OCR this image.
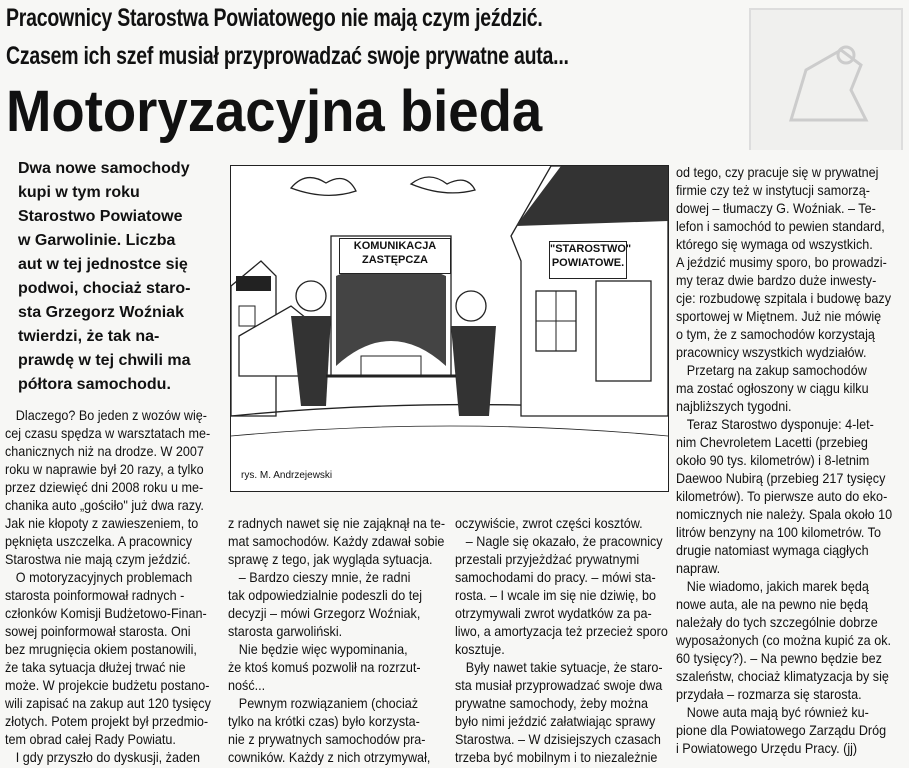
Pracownicy Starostwa Powiatowego nie mają czym jeździć.
Czasem ich szef musiał przyprowadzać swoje prywatne auta...
Motoryzacyjna bieda
Dwa nowe samochody
kupi w tym roku
Starostwo Powiatowe
w Garwolinie. Liczba
aut w tej jednostce się
podwoi, chociaż staro-
sta Grzegorz Woźniak
twierdzi, że tak na-
prawdę w tej chwili ma
półtora samochodu.
KOMUNIKACJA
ZASTĘPCZA
"STAROSTWO"
POWIATOWE.
rys. M. Andrzejewski
Dlaczego? Bo jeden z wozów wię-
cej czasu spędza w warsztatach me-
chanicznych niż na drodze. W 2007
roku w naprawie był 20 razy, a tylko
przez dziewięć dni 2008 roku u me-
chanika auto „gościło" już dwa razy.
Jak nie kłopoty z zawieszeniem, to
pęknięta uszczelka. A pracownicy
Starostwa nie mają czym jeździć.
O motoryzacyjnych problemach
starosta poinformował radnych -
członków Komisji Budżetowo-Finan-
sowej poinformował starosta. Oni
bez mrugnięcia okiem postanowili,
że taka sytuacja dłużej trwać nie
może. W projekcie budżetu postano-
wili zapisać na zakup aut 120 tysięcy
złotych. Potem projekt był przedmio-
tem obrad całej Rady Powiatu.
I gdy przyszło do dyskusji, żaden
z radnych nawet się nie zająknął na te-
mat samochodów. Każdy zdawał sobie
sprawę z tego, jak wygląda sytuacja.
– Bardzo cieszy mnie, że radni
tak odpowiedzialnie podeszli do tej
decyzji – mówi Grzegorz Woźniak,
starosta garwoliński.
Nie będzie więc wypominania,
że ktoś komuś pozwolił na rozrzut-
ność...
Pewnym rozwiązaniem (chociaż
tylko na krótki czas) było korzysta-
nie z prywatnych samochodów pra-
cowników. Każdy z nich otrzymywał,
oczywiście, zwrot części kosztów.
– Nagle się okazało, że pracownicy
przestali przyjeżdżać prywatnymi
samochodami do pracy. – mówi sta-
rosta. – I wcale im się nie dziwię, bo
otrzymywali zwrot wydatków za pa-
liwo, a amortyzacja też przecież sporo
kosztuje.
Były nawet takie sytuacje, że staro-
sta musiał przyprowadzać swoje dwa
prywatne samochody, żeby można
było nimi jeździć załatwiając sprawy
Starostwa. – W dzisiejszych czasach
trzeba być mobilnym i to niezależnie
od tego, czy pracuje się w prywatnej
firmie czy też w instytucji samorzą-
dowej – tłumaczy G. Woźniak. – Te-
lefon i samochód to pewien standard,
którego się wymaga od wszystkich.
A jeździć musimy sporo, bo prowadzi-
my teraz dwie bardzo duże inwesty-
cje: rozbudowę szpitala i budowę bazy
sportowej w Miętnem. Już nie mówię
o tym, że z samochodów korzystają
pracownicy wszystkich wydziałów.
Przetarg na zakup samochodów
ma zostać ogłoszony w ciągu kilku
najbliższych tygodni.
Teraz Starostwo dysponuje: 4-let-
nim Chevroletem Lacetti (przebieg
około 90 tys. kilometrów) i 8-letnim
Daewoo Nubirą (przebieg 217 tysięcy
kilometrów). To pierwsze auto do eko-
nomicznych nie należy. Spala około 10
litrów benzyny na 100 kilometrów. To
drugie natomiast wymaga ciągłych
napraw.
Nie wiadomo, jakich marek będą
nowe auta, ale na pewno nie będą
należały do tych szczególnie dobrze
wyposażonych (co można kupić za ok.
60 tysięcy?). – Na pewno będzie bez
szaleństw, chociaż klimatyzacja by się
przydała – rozmarza się starosta.
Nowe auta mają być również ku-
pione dla Powiatowego Zarządu Dróg
i Powiatowego Urzędu Pracy. (jj)
